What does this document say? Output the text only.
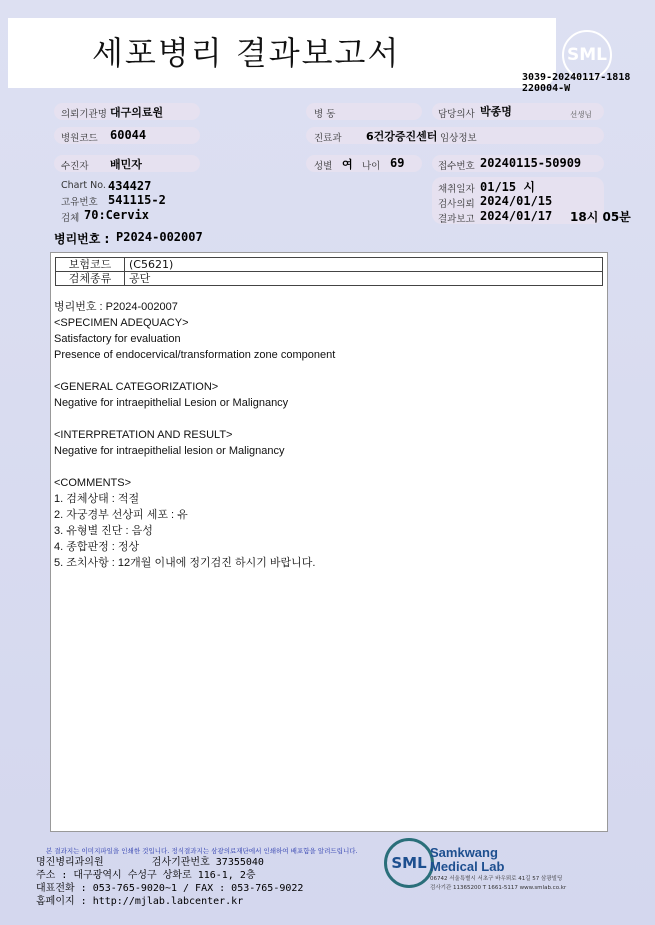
세포병리 결과보고서	SML
3039-20240117-1818
220004-W
의뢰기관명 대구의료원	병 동	담당의사 박종명	선생님
병원코드 60044	진료과 6건강증진센터 임상정보
수진자 배민자	성별 여 나이 69	접수번호 20240115-50909
Chart No. 434427
고유번호 541115-2
검체 70:Cervix
채취일자 01/15 시
검사의뢰 2024/01/15
결과보고 2024/01/17 18시 05분
병리번호 : P2024-002007
보험코드	(C5621)
검체종류	공단
병리번호 : P2024-002007
<SPECIMEN ADEQUACY>
Satisfactory for evaluation
Presence of endocervical/transformation zone component

<GENERAL CATEGORIZATION>
Negative for intraepithelial Lesion or Malignancy

<INTERPRETATION AND RESULT>
Negative for intraepithelial lesion or Malignancy

<COMMENTS>
1. 검체상태 : 적절
2. 자궁경부 선상피 세포 : 유
3. 유형별 진단 : 음성
4. 종합판정 : 정상
5. 조치사항 : 12개월 이내에 정기검진 하시기 바랍니다.
본 결과지는 이미지파일을 인쇄한 것입니다. 정식결과지는 삼광의료재단에서 인쇄하여 배포함을 알려드립니다.
명진병리과의원	검사기관번호 37355040
주소 : 대구광역시 수성구 상화로 116-1, 2층
대표전화 : 053-765-9020~1 / FAX : 053-765-9022
홈페이지 : http://mjlab.labcenter.kr
SML
Samkwang
Medical Lab
06742 서울특별시 서초구 바우뫼로 41길 57 삼광빌딩
검사기관 11365200 T 1661-5117 www.smlab.co.kr
